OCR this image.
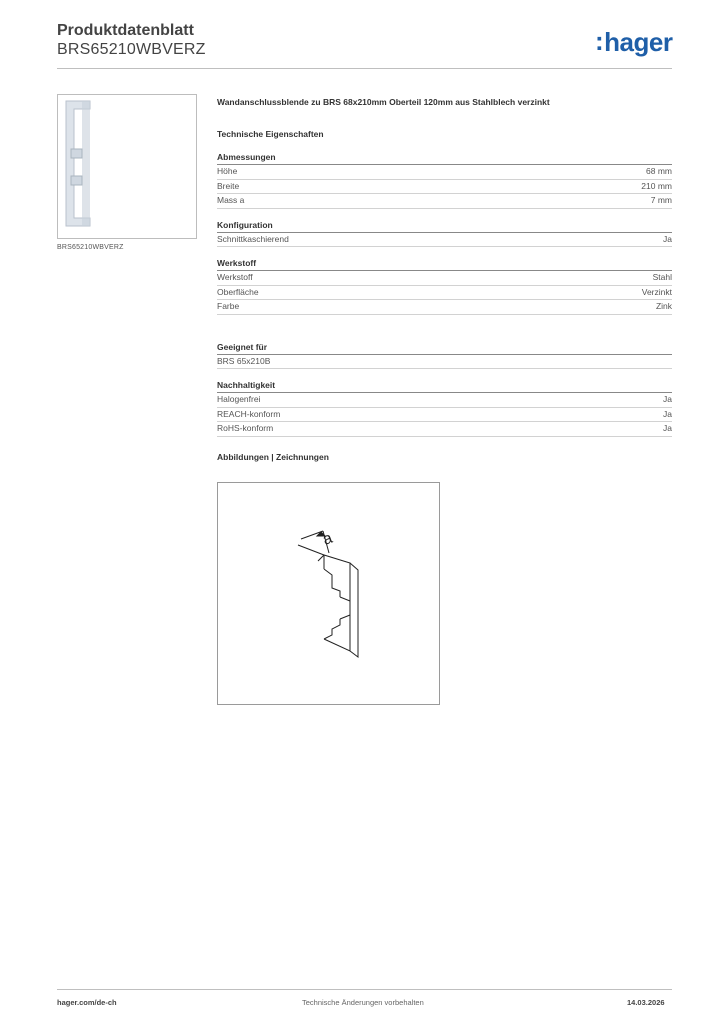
Produktdatenblatt
BRS65210WBVERZ	:hager
BRS65210WBVERZ
Wandanschlussblende zu BRS 68x210mm Oberteil 120mm aus Stahlblech verzinkt
Technische Eigenschaften
Abmessungen
Höhe	68 mm
Breite	210 mm
Mass a	7 mm
Konfiguration
Schnittkaschierend	Ja
Werkstoff
Werkstoff	Stahl
Oberfläche	Verzinkt
Farbe	Zink
Geeignet für
BRS 65x210B
Nachhaltigkeit
Halogenfrei	Ja
REACH-konform	Ja
RoHS-konform	Ja
Abbildungen | Zeichnungen
a
hager.com/de-ch	Technische Änderungen vorbehalten	14.03.2026
